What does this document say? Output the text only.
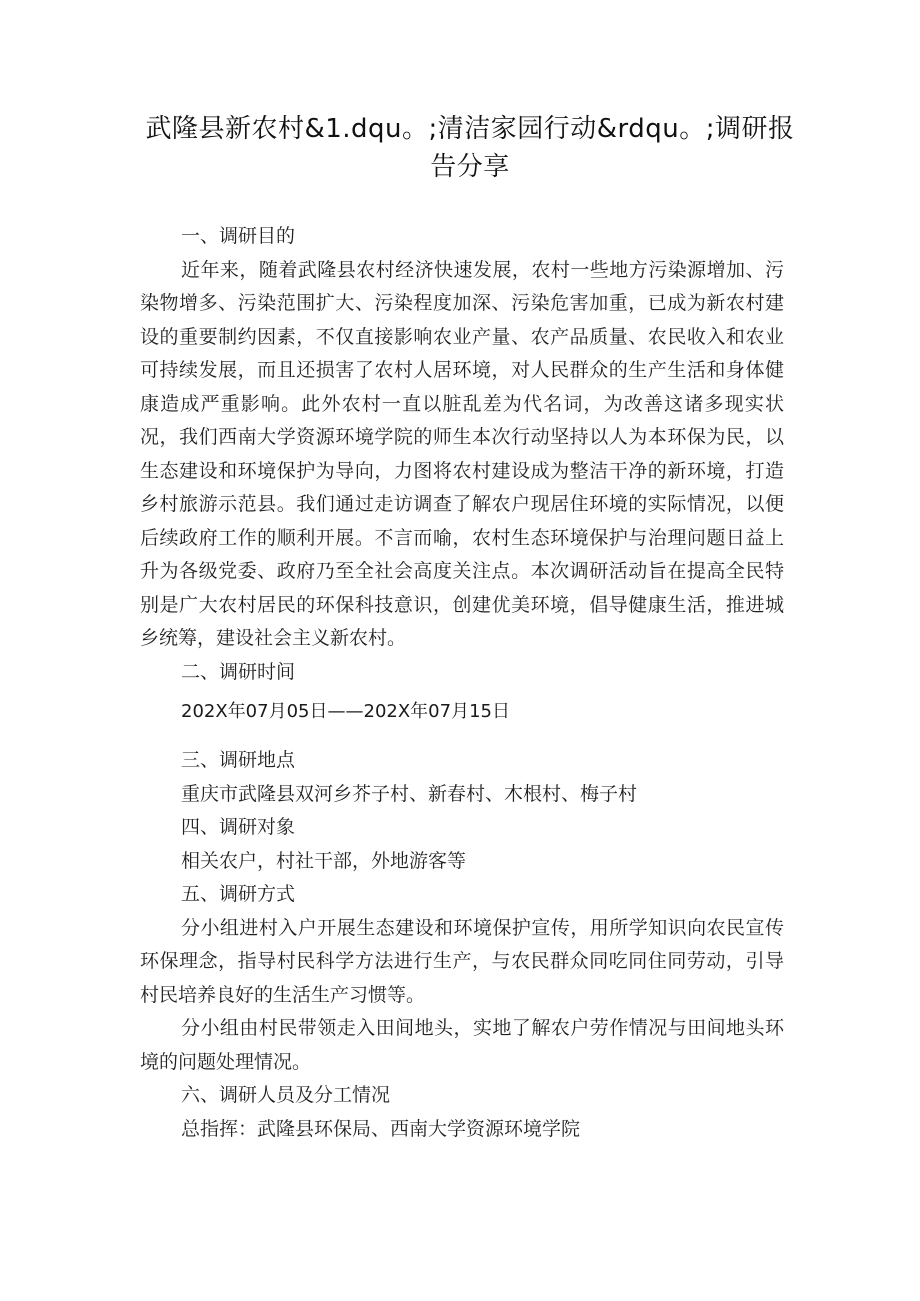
武隆县新农村&1.dqu。;清洁家园行动&rdqu。;调研报告分享

一、调研目的

近年来，随着武隆县农村经济快速发展，农村一些地方污染源增加、污染物增多、污染范围扩大、污染程度加深、污染危害加重，已成为新农村建设的重要制约因素，不仅直接影响农业产量、农产品质量、农民收入和农业可持续发展，而且还损害了农村人居环境，对人民群众的生产生活和身体健康造成严重影响。此外农村一直以脏乱差为代名词，为改善这诸多现实状况，我们西南大学资源环境学院的师生本次行动坚持以人为本环保为民，以生态建设和环境保护为导向，力图将农村建设成为整洁干净的新环境，打造乡村旅游示范县。我们通过走访调查了解农户现居住环境的实际情况，以便后续政府工作的顺利开展。不言而喻，农村生态环境保护与治理问题日益上升为各级党委、政府乃至全社会高度关注点。本次调研活动旨在提高全民特别是广大农村居民的环保科技意识，创建优美环境，倡导健康生活，推进城乡统筹，建设社会主义新农村。

二、调研时间

202X年07月05日——202X年07月15日

三、调研地点

重庆市武隆县双河乡芥子村、新春村、木根村、梅子村

四、调研对象

相关农户，村社干部，外地游客等

五、调研方式

分小组进村入户开展生态建设和环境保护宣传，用所学知识向农民宣传环保理念，指导村民科学方法进行生产，与农民群众同吃同住同劳动，引导村民培养良好的生活生产习惯等。

分小组由村民带领走入田间地头，实地了解农户劳作情况与田间地头环境的问题处理情况。

六、调研人员及分工情况

总指挥：武隆县环保局、西南大学资源环境学院
